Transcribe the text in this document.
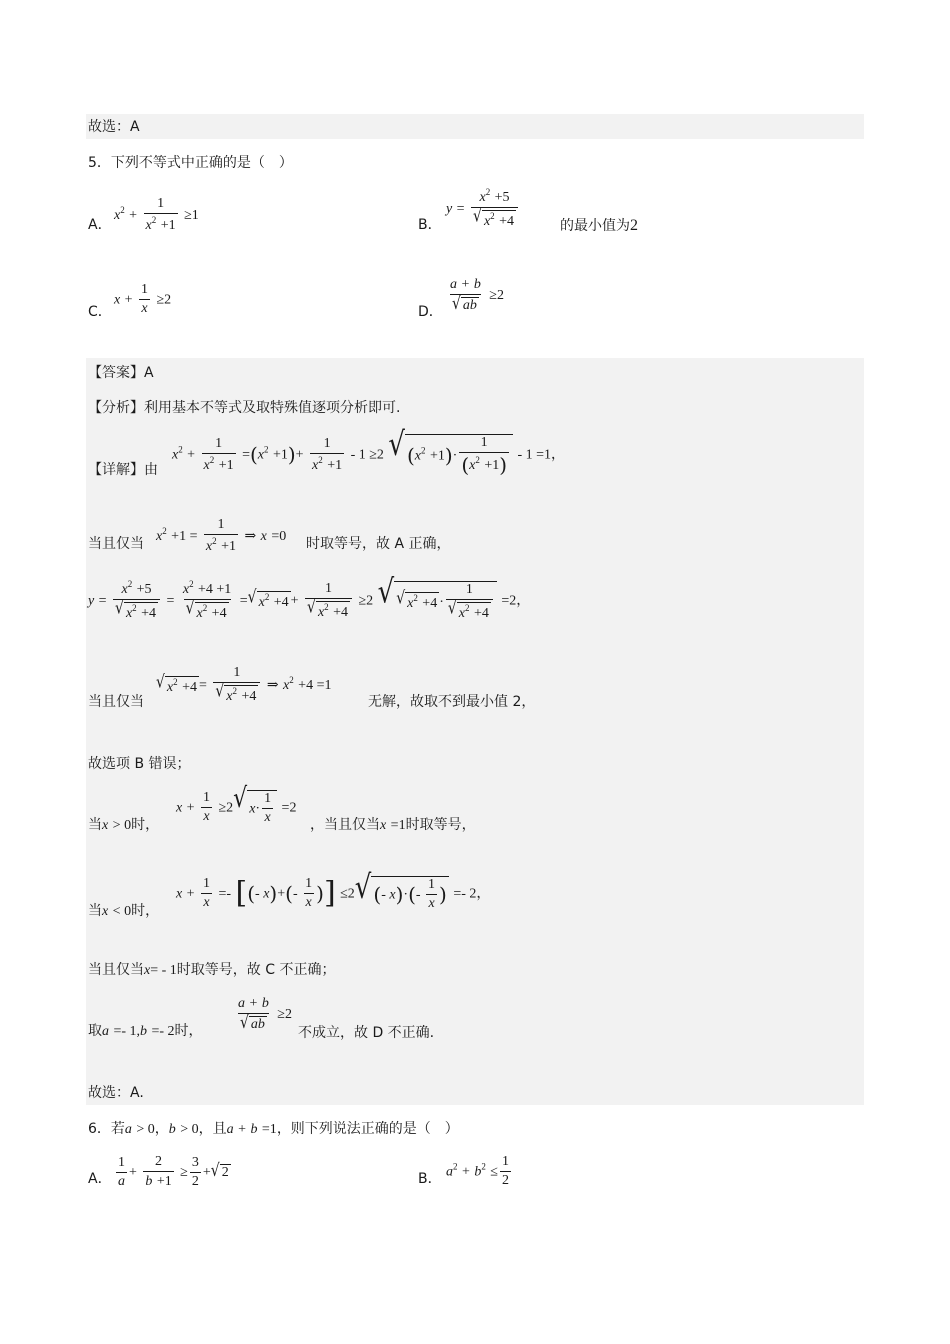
故选：A
5．下列不等式中正确的是（　）
A．
$x^2 + \frac{1}{x^2 +1} \ge 1$
B．
$y = \frac{x^2 +5}{√ x^2 +4}$	的最小值为2
C．
$x + \frac{1}{x} \ge 2$
D． $\frac{a + b}{√ ab} \ge 2$
【答案】A
【分析】利用基本不等式及取特殊值逐项分析即可.
【详解】由
$x^2 + \frac{1}{x^2 +1} =(x^2 +1)+ \frac{1}{x^2 +1} - 1 \ge 2$ √ $(x^2 +1)\cdot \frac{1}{(x^2 +1)} - 1 =1$，
当且仅当 $x^2 +1 = \frac{1}{x^2 +1}$ ⇒ x =0 时取等号，故 A 正确，
$y = \frac{x^2 +5}{√ x^2 +4} = \frac{x^2 +4 +1}{√ x^2 +4}$ = √ $x^2 +4 + \frac{1}{√ x^2 +4} \ge 2$ √ √ $x^2 +4 \cdot \frac{1}{√ x^2 +4} =2$，
当且仅当
√ $x^2 +4 = \frac{1}{√ x^2 +4}$ ⇒ $x^2 +4 =1$
无解，故取不到最小值 2，
故选项 B 错误；
当x > 0时，
$x + \frac{1}{x} \ge 2$ √ $x\cdot \frac{1}{x} =2$
，当且仅当x =1时取等号，
当x < 0时，
$x + \frac{1}{x}$ =- [(- $x)+(- \frac{1}{x}$ )] ≤2 √ (- $x)\cdot(- \frac{1}{x}$ ) =- 2，
当且仅当x= - 1时取等号，故 C 不正确；
取a =- 1,b =- 2时， $\frac{a + b}{√ ab} \ge 2$
不成立，故 D 不正确.
故选：A.
6．若a > 0，b > 0，且a + b =1，则下列说法正确的是（　）
A． $\frac{1}{a} + \frac{2}{b +1} \ge \frac{3}{2}$ + √ 2	B． $a^2 + b^2 \le \frac{1}{2}$
